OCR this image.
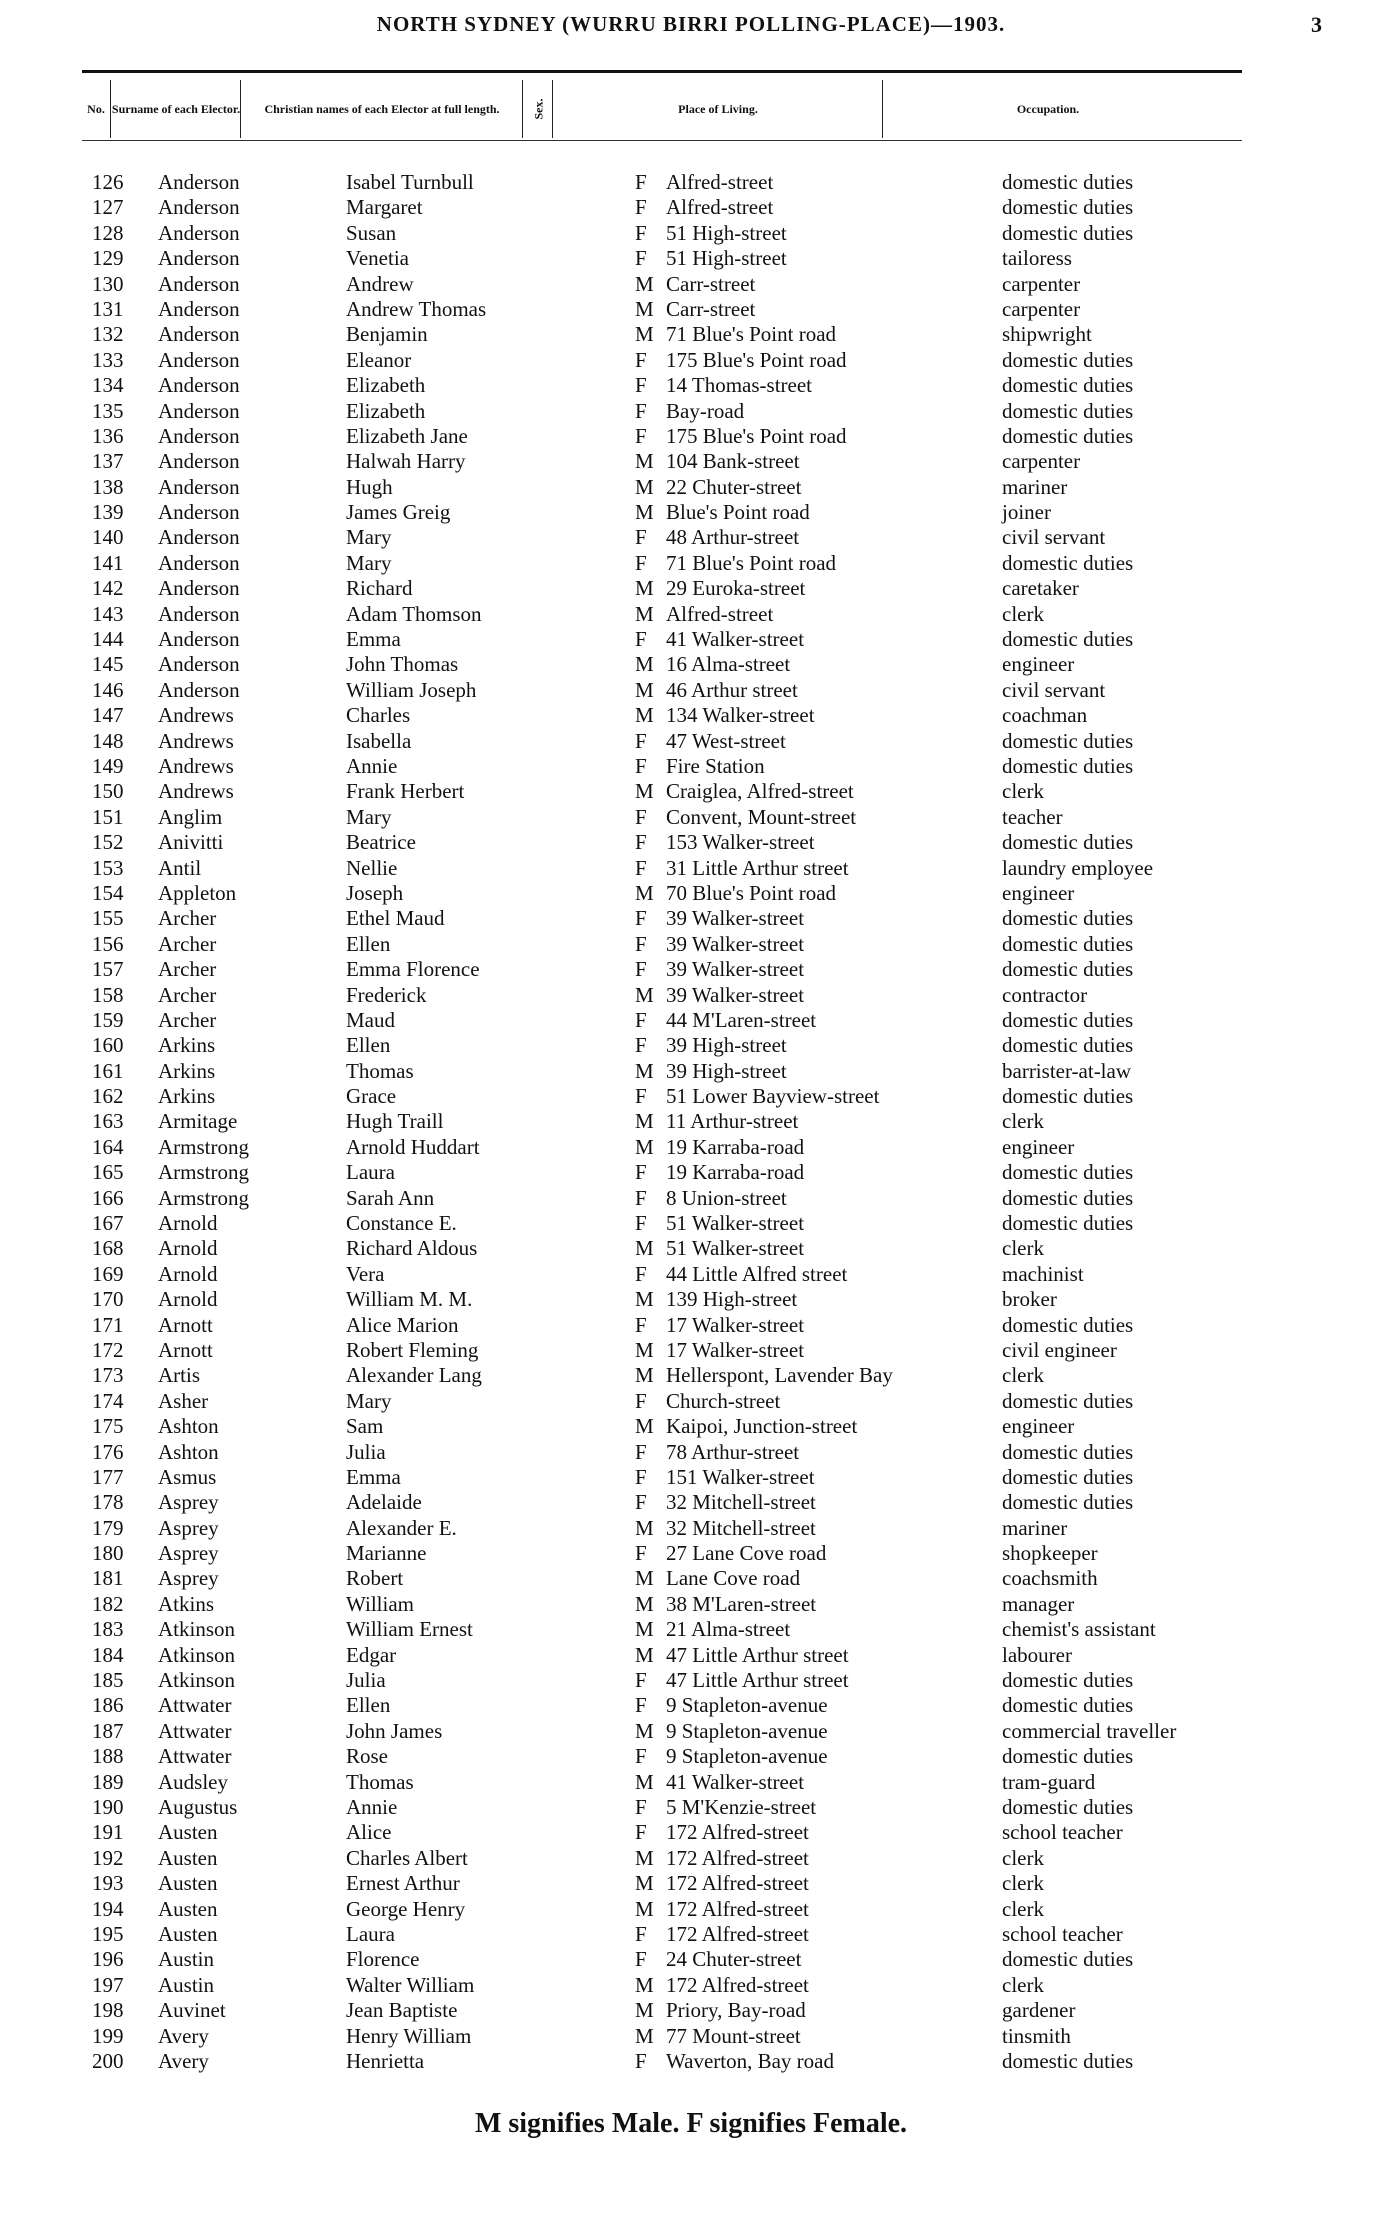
NORTH SYDNEY (WURRU BIRRI POLLING-PLACE)—1903.	3
No. Surname of each Elector.	Christian names of each Elector at full length.	Sex.	Place of Living.	Occupation.
126	Anderson	Isabel Turnbull	F Alfred-street	domestic duties
127	Anderson	Margaret	F Alfred-street	domestic duties
128	Anderson	Susan	F 51 High-street	domestic duties
129	Anderson	Venetia	F 51 High-street	tailoress
130	Anderson	Andrew	M Carr-street	carpenter
131	Anderson	Andrew Thomas	M Carr-street	carpenter
132	Anderson	Benjamin	M 71 Blue's Point road	shipwright
133	Anderson	Eleanor	F 175 Blue's Point road	domestic duties
134	Anderson	Elizabeth	F 14 Thomas-street	domestic duties
135	Anderson	Elizabeth	F Bay-road	domestic duties
136	Anderson	Elizabeth Jane	F 175 Blue's Point road	domestic duties
137	Anderson	Halwah Harry	M 104 Bank-street	carpenter
138	Anderson	Hugh	M 22 Chuter-street	mariner
139	Anderson	James Greig	M Blue's Point road	joiner
140	Anderson	Mary	F 48 Arthur-street	civil servant
141	Anderson	Mary	F 71 Blue's Point road	domestic duties
142	Anderson	Richard	M 29 Euroka-street	caretaker
143	Anderson	Adam Thomson	M Alfred-street	clerk
144	Anderson	Emma	F 41 Walker-street	domestic duties
145	Anderson	John Thomas	M 16 Alma-street	engineer
146	Anderson	William Joseph	M 46 Arthur street	civil servant
147	Andrews	Charles	M 134 Walker-street	coachman
148	Andrews	Isabella	F 47 West-street	domestic duties
149	Andrews	Annie	F Fire Station	domestic duties
150	Andrews	Frank Herbert	M Craiglea, Alfred-street	clerk
151	Anglim	Mary	F Convent, Mount-street	teacher
152	Anivitti	Beatrice	F 153 Walker-street	domestic duties
153	Antil	Nellie	F 31 Little Arthur street	laundry employee
154	Appleton	Joseph	M 70 Blue's Point road	engineer
155	Archer	Ethel Maud	F 39 Walker-street	domestic duties
156	Archer	Ellen	F 39 Walker-street	domestic duties
157	Archer	Emma Florence	F 39 Walker-street	domestic duties
158	Archer	Frederick	M 39 Walker-street	contractor
159	Archer	Maud	F 44 M'Laren-street	domestic duties
160	Arkins	Ellen	F 39 High-street	domestic duties
161	Arkins	Thomas	M 39 High-street	barrister-at-law
162	Arkins	Grace	F 51 Lower Bayview-street	domestic duties
163	Armitage	Hugh Traill	M 11 Arthur-street	clerk
164	Armstrong	Arnold Huddart	M 19 Karraba-road	engineer
165	Armstrong	Laura	F 19 Karraba-road	domestic duties
166	Armstrong	Sarah Ann	F 8 Union-street	domestic duties
167	Arnold	Constance E.	F 51 Walker-street	domestic duties
168	Arnold	Richard Aldous	M 51 Walker-street	clerk
169	Arnold	Vera	F 44 Little Alfred street	machinist
170	Arnold	William M. M.	M 139 High-street	broker
171	Arnott	Alice Marion	F 17 Walker-street	domestic duties
172	Arnott	Robert Fleming	M 17 Walker-street	civil engineer
173	Artis	Alexander Lang	M Hellerspont, Lavender Bay	clerk
174	Asher	Mary	F Church-street	domestic duties
175	Ashton	Sam	M Kaipoi, Junction-street	engineer
176	Ashton	Julia	F 78 Arthur-street	domestic duties
177	Asmus	Emma	F 151 Walker-street	domestic duties
178	Asprey	Adelaide	F 32 Mitchell-street	domestic duties
179	Asprey	Alexander E.	M 32 Mitchell-street	mariner
180	Asprey	Marianne	F 27 Lane Cove road	shopkeeper
181	Asprey	Robert	M Lane Cove road	coachsmith
182	Atkins	William	M 38 M'Laren-street	manager
183	Atkinson	William Ernest	M 21 Alma-street	chemist's assistant
184	Atkinson	Edgar	M 47 Little Arthur street	labourer
185	Atkinson	Julia	F 47 Little Arthur street	domestic duties
186	Attwater	Ellen	F 9 Stapleton-avenue	domestic duties
187	Attwater	John James	M 9 Stapleton-avenue	commercial traveller
188	Attwater	Rose	F 9 Stapleton-avenue	domestic duties
189	Audsley	Thomas	M 41 Walker-street	tram-guard
190	Augustus	Annie	F 5 M'Kenzie-street	domestic duties
191	Austen	Alice	F 172 Alfred-street	school teacher
192	Austen	Charles Albert	M 172 Alfred-street	clerk
193	Austen	Ernest Arthur	M 172 Alfred-street	clerk
194	Austen	George Henry	M 172 Alfred-street	clerk
195	Austen	Laura	F 172 Alfred-street	school teacher
196	Austin	Florence	F 24 Chuter-street	domestic duties
197	Austin	Walter William	M 172 Alfred-street	clerk
198	Auvinet	Jean Baptiste	M Priory, Bay-road	gardener
199	Avery	Henry William	M 77 Mount-street	tinsmith
200	Avery	Henrietta	F Waverton, Bay road	domestic duties
M signifies Male. F signifies Female.
